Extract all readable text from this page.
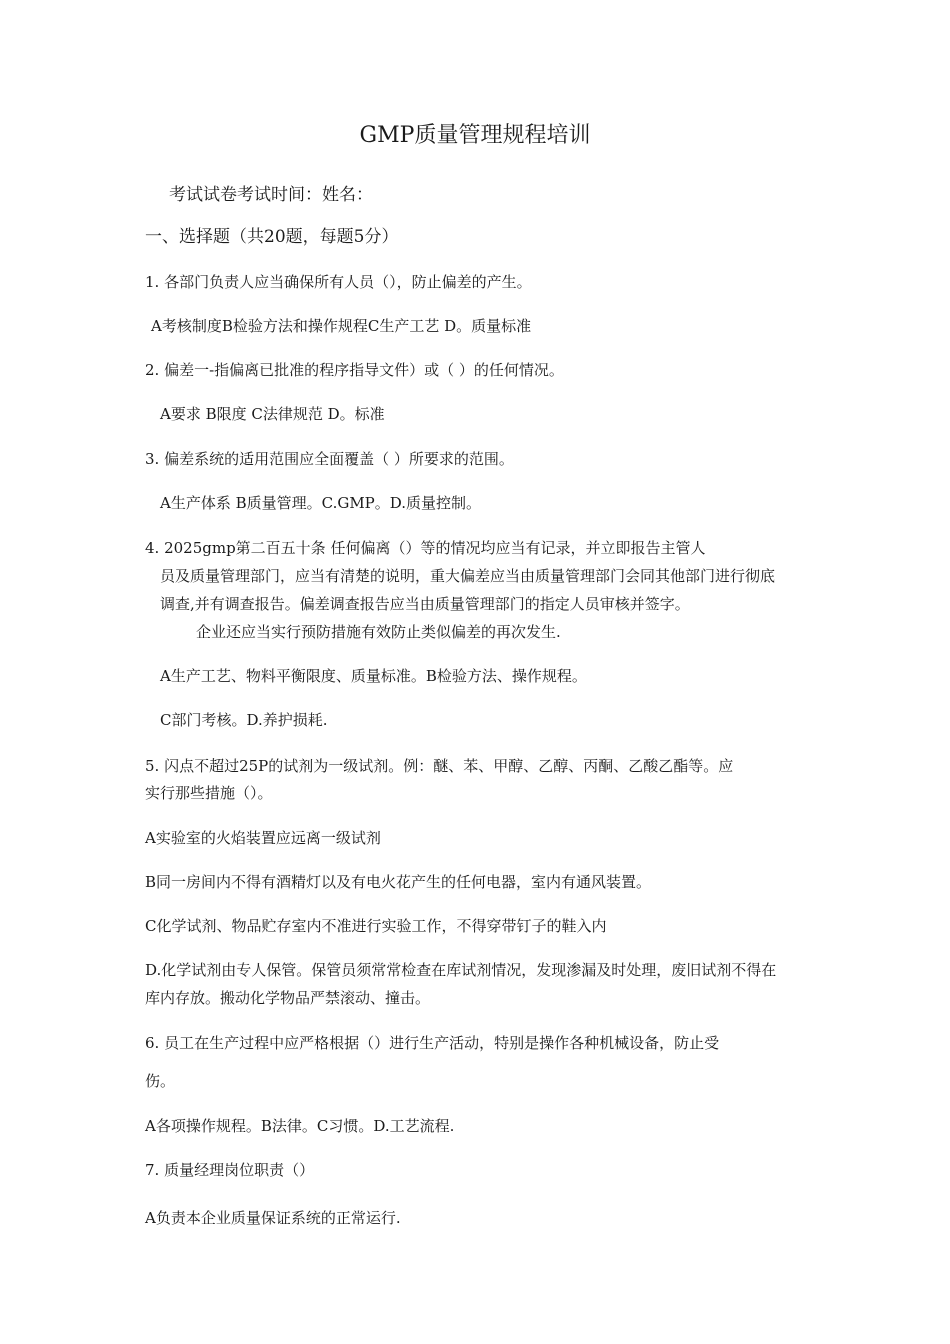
GMP质量管理规程培训
考试试卷考试时间：姓名：
一、选择题（共20题，每题5分）
1. 各部门负责人应当确保所有人员（），防止偏差的产生。
A考核制度B检验方法和操作规程C生产工艺 D。质量标准
2. 偏差一-指偏离已批准的程序指导文件）或（ ）的任何情况。
A要求 B限度 C法律规范 D。标准
3. 偏差系统的适用范围应全面覆盖（ ）所要求的范围。
A生产体系 B质量管理。C.GMP。D.质量控制。
4. 2025gmp第二百五十条 任何偏离（）等的情况均应当有记录，并立即报告主管人
员及质量管理部门，应当有清楚的说明，重大偏差应当由质量管理部门会同其他部门进行彻底
调查,并有调查报告。偏差调查报告应当由质量管理部门的指定人员审核并签字。
企业还应当实行预防措施有效防止类似偏差的再次发生.
A生产工艺、物料平衡限度、质量标准。B检验方法、操作规程。
C部门考核。D.养护损耗.
5. 闪点不超过25P的试剂为一级试剂。例：醚、苯、甲醇、乙醇、丙酮、乙酸乙酯等。应
实行那些措施（）。
A实验室的火焰装置应远离一级试剂
B同一房间内不得有酒精灯以及有电火花产生的任何电器，室内有通风装置。
C化学试剂、物品贮存室内不准进行实验工作，不得穿带钉子的鞋入内
D.化学试剂由专人保管。保管员须常常检查在库试剂情况，发现渗漏及时处理，废旧试剂不得在
库内存放。搬动化学物品严禁滚动、撞击。
6. 员工在生产过程中应严格根据（）进行生产活动，特别是操作各种机械设备，防止受
伤。
A各项操作规程。B法律。C习惯。D.工艺流程.
7. 质量经理岗位职责（）
A负责本企业质量保证系统的正常运行.
